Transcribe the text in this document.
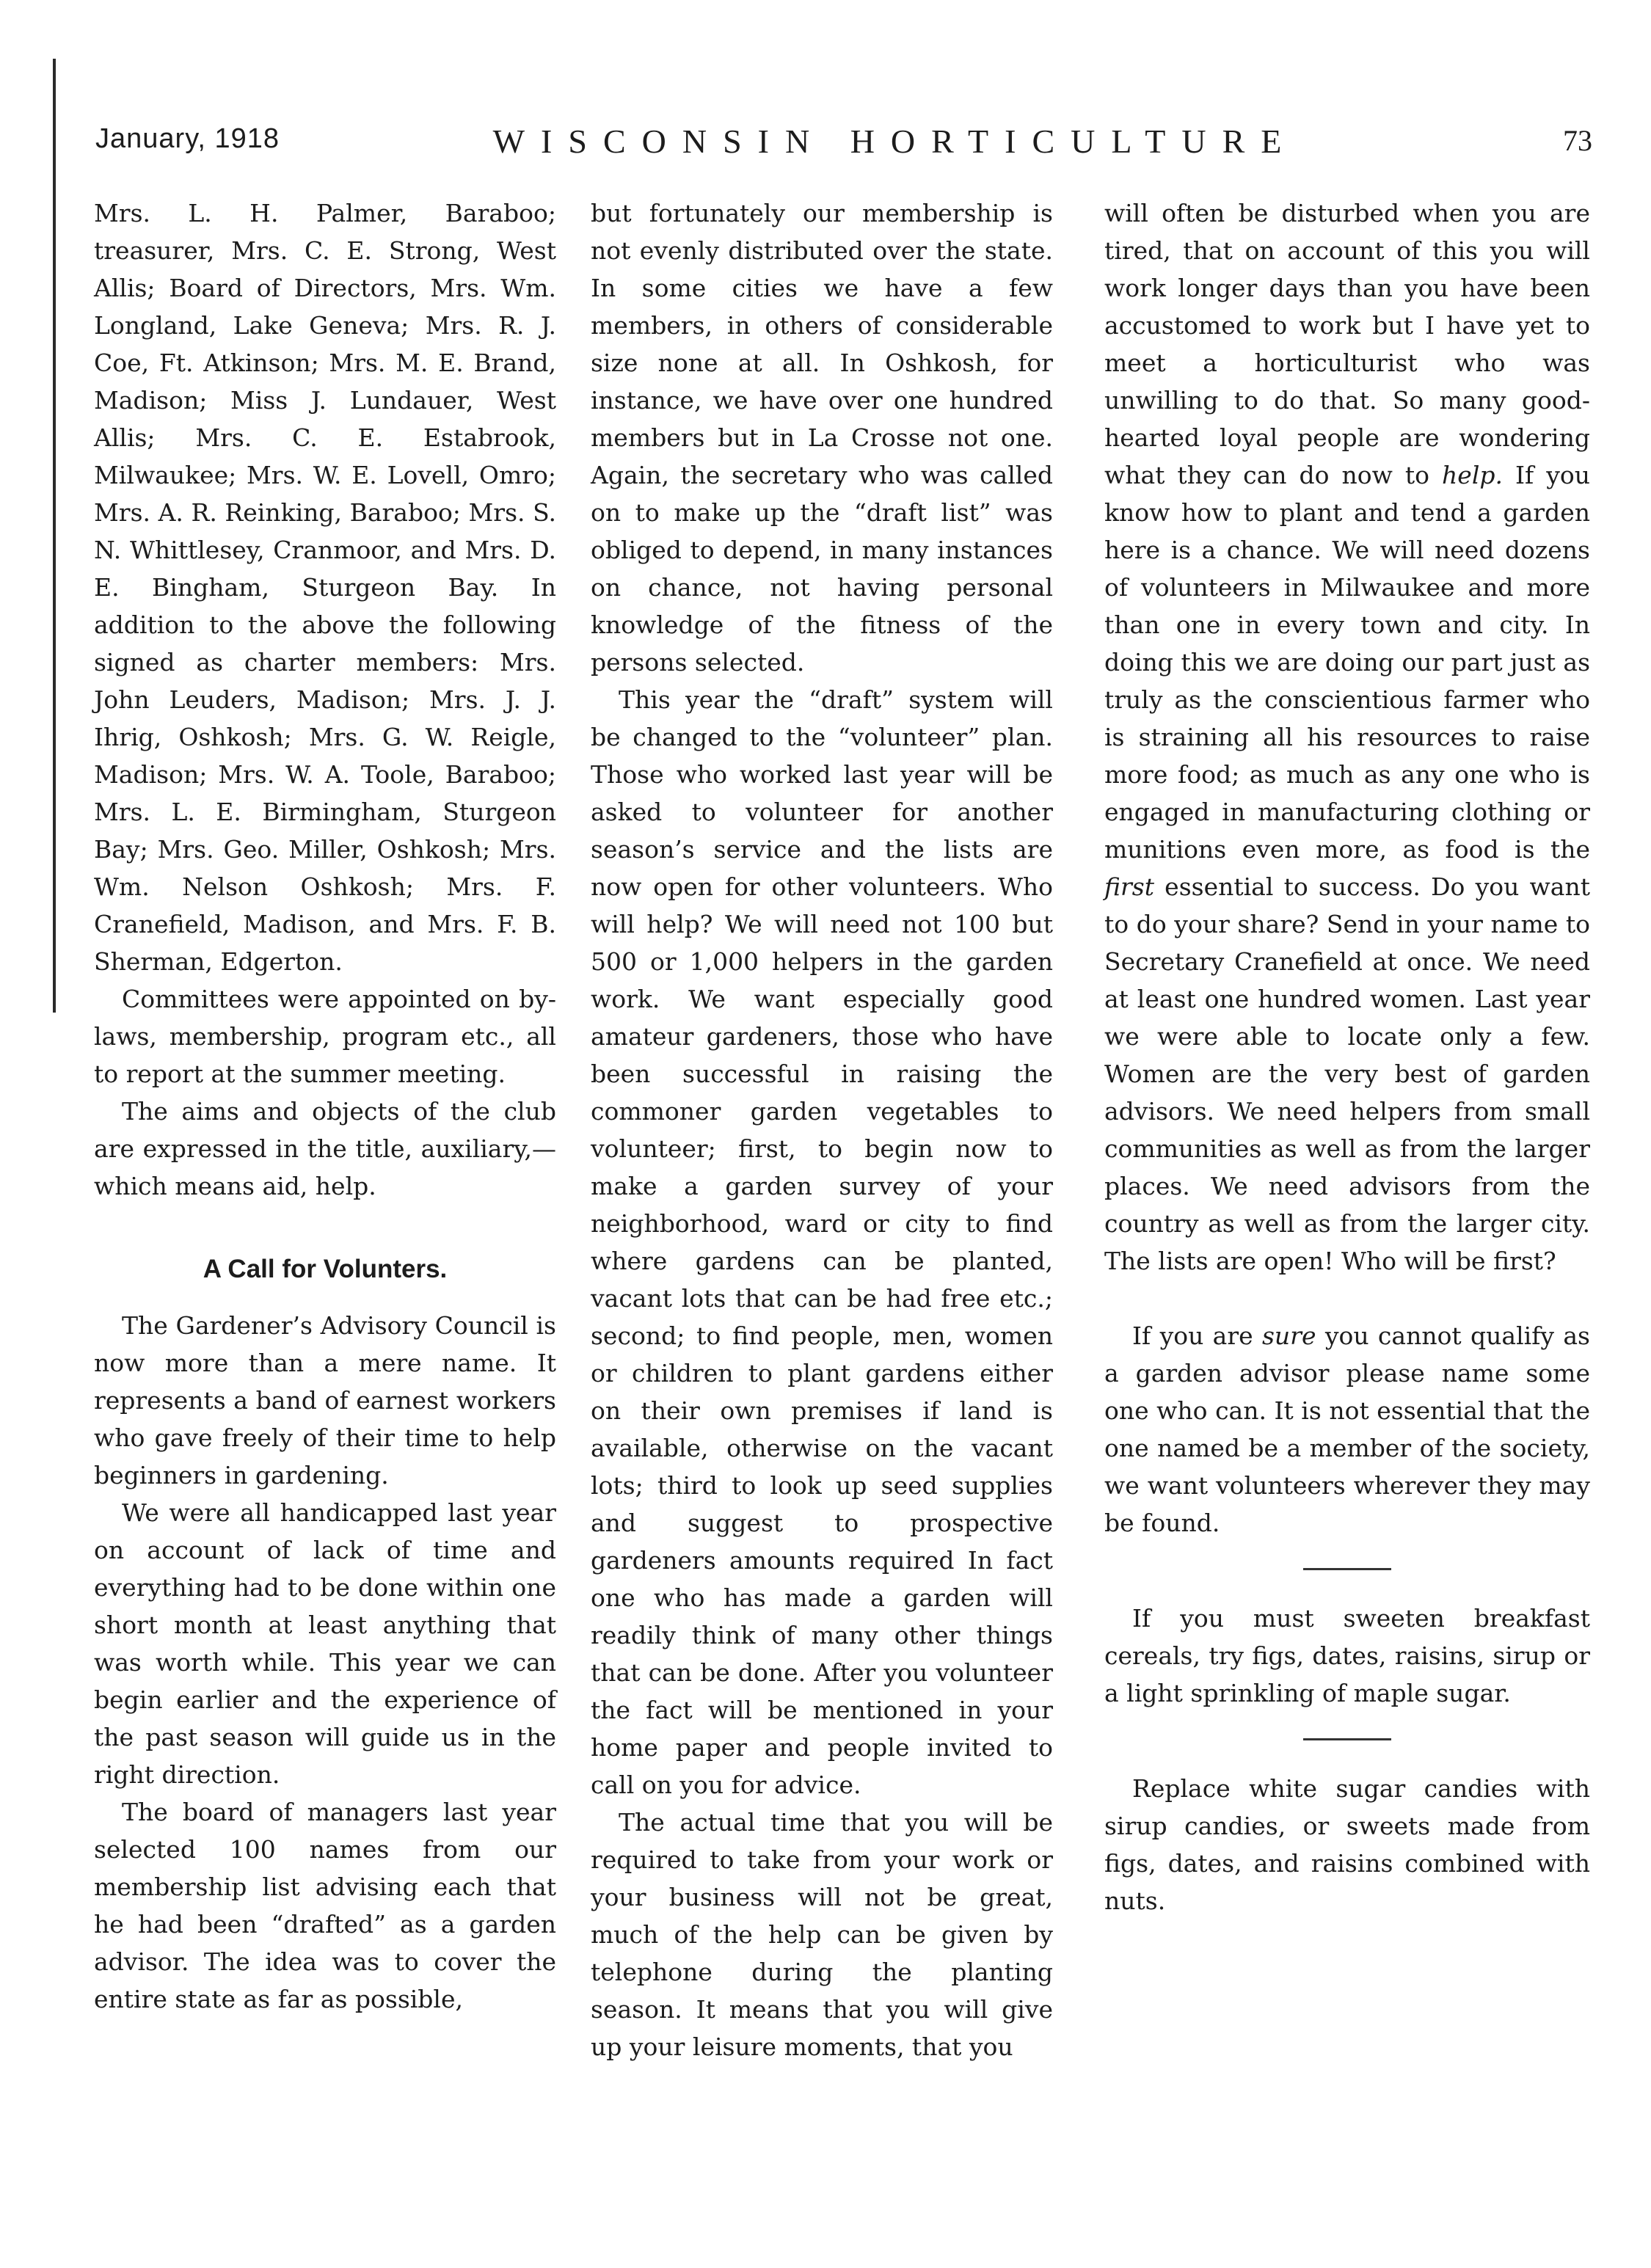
January, 1918	WISCONSIN HORTICULTURE	73

Mrs. L. H. Palmer, Baraboo; treasurer, Mrs. C. E. Strong, West Allis; Board of Directors, Mrs. Wm. Longland, Lake Geneva; Mrs. R. J. Coe, Ft. Atkinson; Mrs. M. E. Brand, Madison; Miss J. Lundauer, West Allis; Mrs. C. E. Estabrook, Milwaukee; Mrs. W. E. Lovell, Omro; Mrs. A. R. Reinking, Baraboo; Mrs. S. N. Whittlesey, Cranmoor, and Mrs. D. E. Bingham, Sturgeon Bay. In addition to the above the following signed as charter members: Mrs. John Leuders, Madison; Mrs. J. J. Ihrig, Oshkosh; Mrs. G. W. Reigle, Madison; Mrs. W. A. Toole, Baraboo; Mrs. L. E. Birmingham, Sturgeon Bay; Mrs. Geo. Miller, Oshkosh; Mrs. Wm. Nelson Oshkosh; Mrs. F. Cranefield, Madison, and Mrs. F. B. Sherman, Edgerton.

Committees were appointed on by-laws, membership, program etc., all to report at the summer meeting.

The aims and objects of the club are expressed in the title, auxiliary,—which means aid, help.

A Call for Volunters.

The Gardener’s Advisory Council is now more than a mere name. It represents a band of earnest workers who gave freely of their time to help beginners in gardening.

We were all handicapped last year on account of lack of time and everything had to be done within one short month at least anything that was worth while. This year we can begin earlier and the experience of the past season will guide us in the right direction.

The board of managers last year selected 100 names from our membership list advising each that he had been “drafted” as a garden advisor. The idea was to cover the entire state as far as possible,

but fortunately our membership is not evenly distributed over the state. In some cities we have a few members, in others of considerable size none at all. In Oshkosh, for instance, we have over one hundred members but in La Crosse not one. Again, the secretary who was called on to make up the “draft list” was obliged to depend, in many instances on chance, not having personal knowledge of the fitness of the persons selected.

This year the “draft” system will be changed to the “volunteer” plan. Those who worked last year will be asked to volunteer for another season’s service and the lists are now open for other volunteers. Who will help? We will need not 100 but 500 or 1,000 helpers in the garden work. We want especially good amateur gardeners, those who have been successful in raising the commoner garden vegetables to volunteer; first, to begin now to make a garden survey of your neighborhood, ward or city to find where gardens can be planted, vacant lots that can be had free etc.; second; to find people, men, women or children to plant gardens either on their own premises if land is available, otherwise on the vacant lots; third to look up seed supplies and suggest to prospective gardeners amounts required In fact one who has made a garden will readily think of many other things that can be done. After you volunteer the fact will be mentioned in your home paper and people invited to call on you for advice.

The actual time that you will be required to take from your work or your business will not be great, much of the help can be given by telephone during the planting season. It means that you will give up your leisure moments, that you

will often be disturbed when you are tired, that on account of this you will work longer days than you have been accustomed to work but I have yet to meet a horticulturist who was unwilling to do that. So many good-hearted loyal people are wondering what they can do now to help. If you know how to plant and tend a garden here is a chance. We will need dozens of volunteers in Milwaukee and more than one in every town and city. In doing this we are doing our part just as truly as the conscientious farmer who is straining all his resources to raise more food; as much as any one who is engaged in manufacturing clothing or munitions even more, as food is the first essential to success. Do you want to do your share? Send in your name to Secretary Cranefield at once. We need at least one hundred women. Last year we were able to locate only a few. Women are the very best of garden advisors. We need helpers from small communities as well as from the larger places. We need advisors from the country as well as from the larger city. The lists are open! Who will be first?

If you are sure you cannot qualify as a garden advisor please name some one who can. It is not essential that the one named be a member of the society, we want volunteers wherever they may be found.

If you must sweeten breakfast cereals, try figs, dates, raisins, sirup or a light sprinkling of maple sugar.

Replace white sugar candies with sirup candies, or sweets made from figs, dates, and raisins combined with nuts.
